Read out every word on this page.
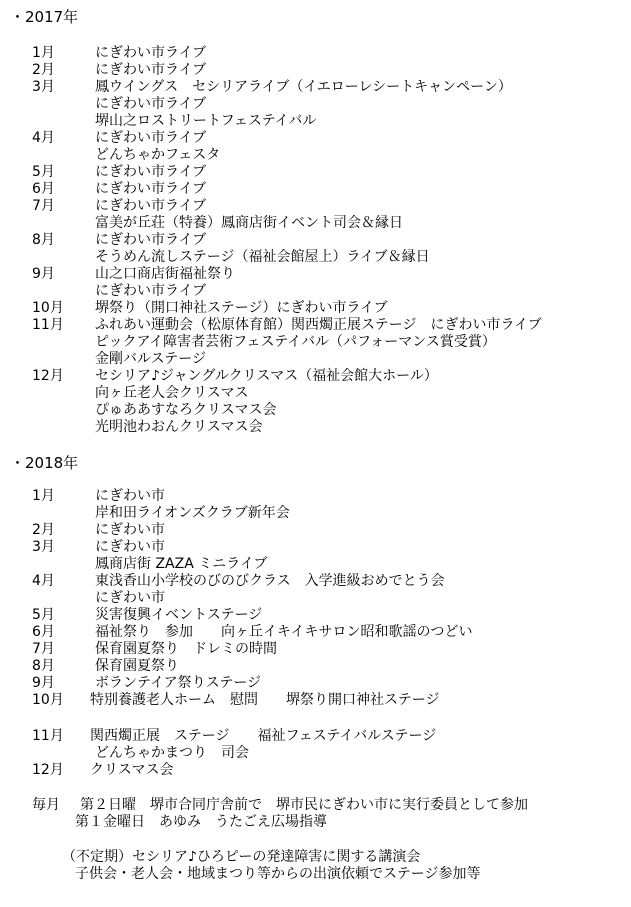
・2017年
1月	にぎわい市ライブ
2月	にぎわい市ライブ
3月	鳳ウイングス　セシリアライブ（イエローレシートキャンペーン）
にぎわい市ライブ
堺山之ロストリートフェステイバル
4月	にぎわい市ライブ
どんちゃかフェスタ
5月	にぎわい市ライブ
6月	にぎわい市ライブ
7月	にぎわい市ライブ
富美が丘荘（特養）鳳商店街イベント司会＆縁日
8月	にぎわい市ライブ
そうめん流しステージ（福祉会館屋上）ライブ＆縁日
9月	山之口商店街福祉祭り
にぎわい市ライブ
10月 堺祭り（開口神社ステージ）にぎわい市ライブ
11月 ふれあい運動会（松原体育館）関西燭正展ステージ　にぎわい市ライブ
ピックアイ障害者芸術フェステイバル（パフォーマンス賞受賞）
金剛バルステージ
12月 セシリア♪ジャングルクリスマス（福祉会館大ホール）
向ヶ丘老人会クリスマス
ぴゅああすなろクリスマス会
光明池わおんクリスマス会
・2018年
1月	にぎわい市
岸和田ライオンズクラブ新年会
2月	にぎわい市
3月	にぎわい市
鳳商店街 ZAZA ミニライブ
4月	東浅香山小学校のびのびクラス　入学進級おめでとう会
にぎわい市
5月	災害復興イベントステージ
6月	福祉祭り　参加　　向ヶ丘イキイキサロン昭和歌謡のつどい
7月	保育園夏祭り　ドレミの時間
8月	保育園夏祭り
9月	ボランテイア祭りステージ
10月 特別養護老人ホーム　慰問　　堺祭り開口神社ステージ
11月 関西燭正展　ステージ　　福祉フェステイバルステージ
どんちゃかまつり　司会
12月 クリスマス会
毎月 第２日曜　堺市合同庁舎前で　堺市民にぎわい市に実行委員として参加
第１金曜日　あゆみ　うたごえ広場指導
（不定期）セシリア♪ひろピーの発達障害に関する講演会
子供会・老人会・地域まつり等からの出演依頼でステージ参加等
